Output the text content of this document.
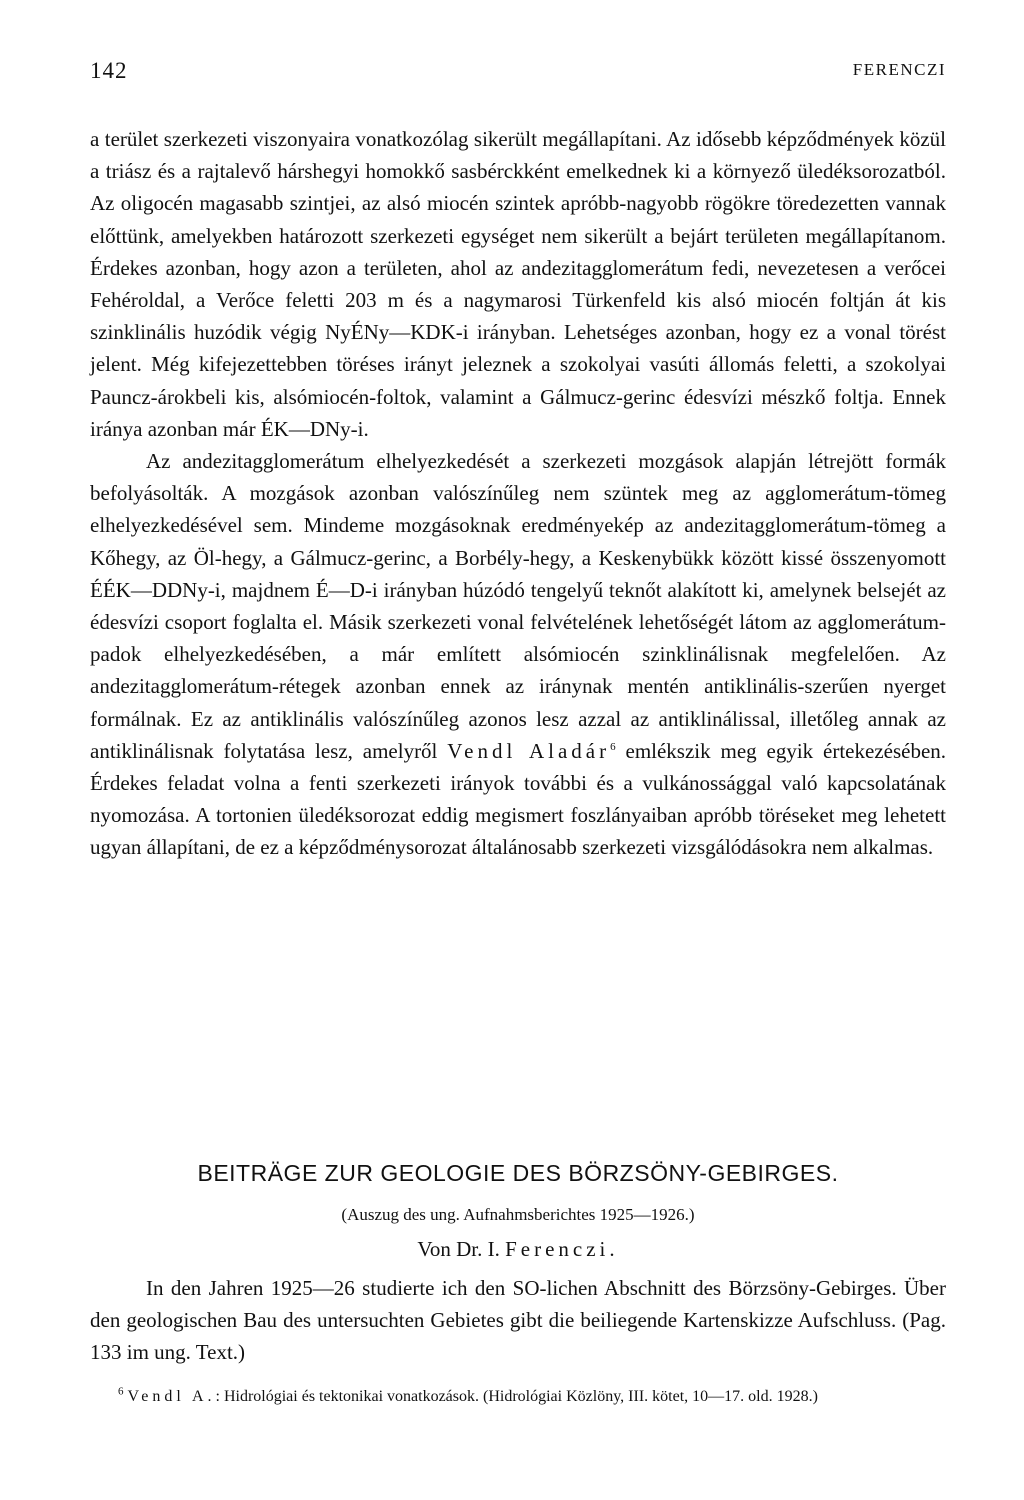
142	FERENCZI

a terület szerkezeti viszonyaira vonatkozólag sikerült megállapítani. Az idősebb képződmények közül a triász és a rajtalevő hárshegyi homokkő sasbérckként emelkednek ki a környező üledéksorozatból. Az oligocén magasabb szintjei, az alsó miocén szintek apróbb-nagyobb rögökre töredezetten vannak előttünk, amelyekben határozott szerkezeti egységet nem sikerült a bejárt területen megállapítanom. Érdekes azonban, hogy azon a területen, ahol az andezitagglomerátum fedi, nevezetesen a verőcei Fehéroldal, a Verőce feletti 203 m és a nagymarosi Türkenfeld kis alsó miocén foltján át kis szinklinális huzódik végig NyÉNy—KDK-i irányban. Lehetséges azonban, hogy ez a vonal törést jelent. Még kifejezettebben töréses irányt jeleznek a szokolyai vasúti állomás feletti, a szokolyai Pauncz-árokbeli kis, alsómiocén-foltok, valamint a Gálmucz-gerinc édesvízi mészkő foltja. Ennek iránya azonban már ÉK—DNy-i.

Az andezitagglomerátum elhelyezkedését a szerkezeti mozgások alapján létrejött formák befolyásolták. A mozgások azonban valószínűleg nem szüntek meg az agglomerátum-tömeg elhelyezkedésével sem. Mindeme mozgásoknak eredményekép az andezitagglomerátum-tömeg a Kőhegy, az Öl-hegy, a Gálmucz-gerinc, a Borbély-hegy, a Keskenybükk között kissé összenyomott ÉÉK—DDNy-i, majdnem É—D-i irányban húzódó tengelyű teknőt alakított ki, amelynek belsejét az édesvízi csoport foglalta el. Másik szerkezeti vonal felvételének lehetőségét látom az agglomerátumpadok elhelyezkedésében, a már említett alsómiocén szinklinálisnak megfelelően. Az andezitagglomerátum-rétegek azonban ennek az iránynak mentén antiklinális-szerűen nyerget formálnak. Ez az antiklinális valószínűleg azonos lesz azzal az antiklinálissal, illetőleg annak az antiklinálisnak folytatása lesz, amelyről Vendl Aladár$^6$ emlékszik meg egyik értekezésében. Érdekes feladat volna a fenti szerkezeti irányok további és a vulkánossággal való kapcsolatának nyomozása. A tortonien üledéksorozat eddig megismert foszlányaiban apróbb töréseket meg lehetett ugyan állapítani, de ez a képződménysorozat általánosabb szerkezeti vizsgálódásokra nem alkalmas.

BEITRÄGE ZUR GEOLOGIE DES BÖRZSÖNY-GEBIRGES.
(Auszug des ung. Aufnahmsberichtes 1925—1926.)
Von Dr. I. Ferenczi.

In den Jahren 1925—26 studierte ich den SO-lichen Abschnitt des Börzsöny-Gebirges. Über den geologischen Bau des untersuchten Gebietes gibt die beiliegende Kartenskizze Aufschluss. (Pag. 133 im ung. Text.)

$^6$ Vendl A.: Hidrológiai és tektonikai vonatkozások. (Hidrológiai Közlöny, III. kötet, 10—17. old. 1928.)
